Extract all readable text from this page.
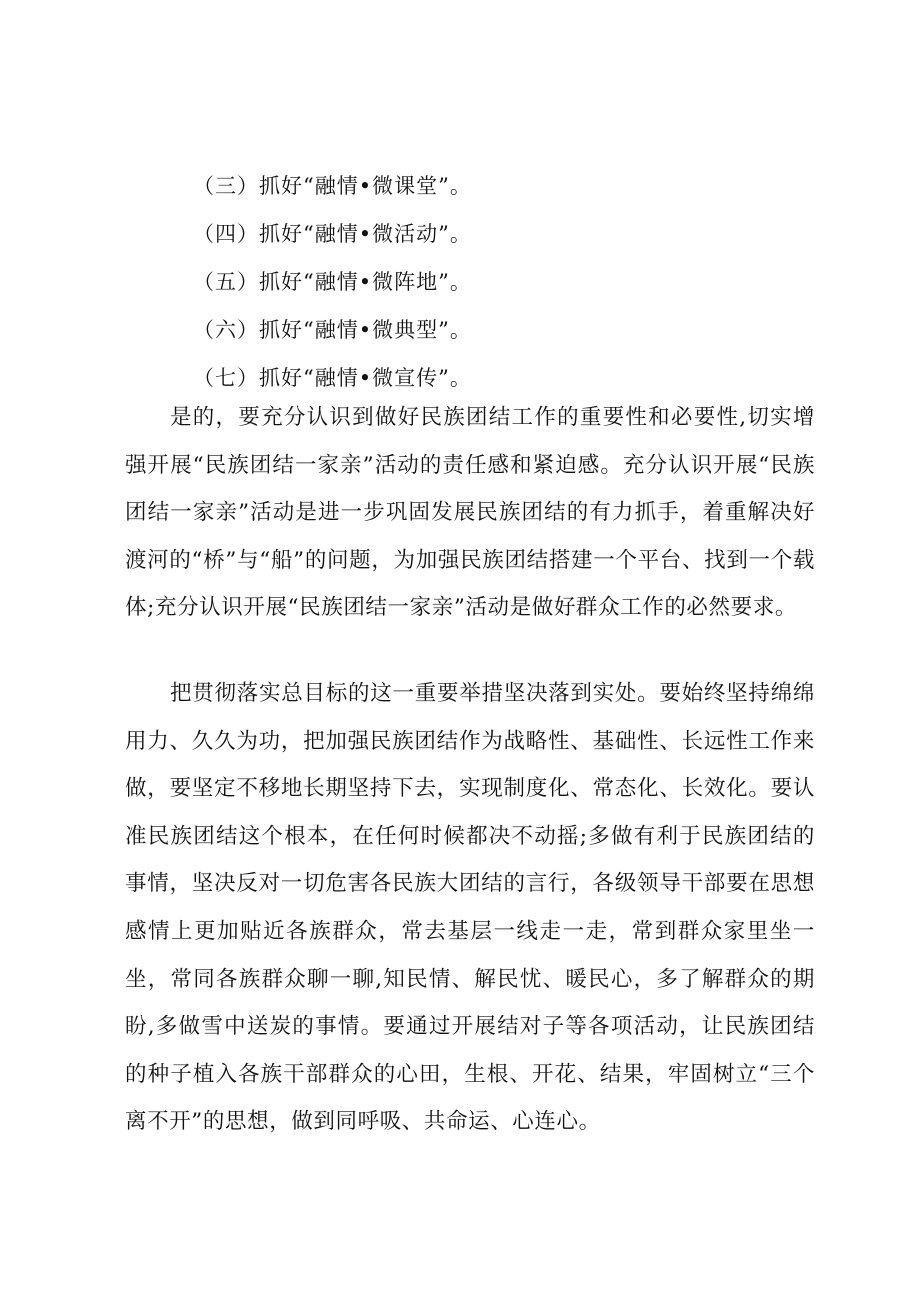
（三）抓好“融情•微课堂”。
（四）抓好“融情•微活动”。
（五）抓好“融情•微阵地”。
（六）抓好“融情•微典型”。
（七）抓好“融情•微宣传”。

是的，要充分认识到做好民族团结工作的重要性和必要性,切实增强开展“民族团结一家亲”活动的责任感和紧迫感。充分认识开展“民族团结一家亲”活动是进一步巩固发展民族团结的有力抓手，着重解决好渡河的“桥”与“船”的问题，为加强民族团结搭建一个平台、找到一个载体;充分认识开展“民族团结一家亲”活动是做好群众工作的必然要求。

把贯彻落实总目标的这一重要举措坚决落到实处。要始终坚持绵绵用力、久久为功，把加强民族团结作为战略性、基础性、长远性工作来做，要坚定不移地长期坚持下去，实现制度化、常态化、长效化。要认准民族团结这个根本，在任何时候都决不动摇;多做有利于民族团结的事情，坚决反对一切危害各民族大团结的言行，各级领导干部要在思想感情上更加贴近各族群众，常去基层一线走一走，常到群众家里坐一坐，常同各族群众聊一聊,知民情、解民忧、暖民心，多了解群众的期盼,多做雪中送炭的事情。要通过开展结对子等各项活动，让民族团结的种子植入各族干部群众的心田，生根、开花、结果，牢固树立“三个离不开”的思想，做到同呼吸、共命运、心连心。
